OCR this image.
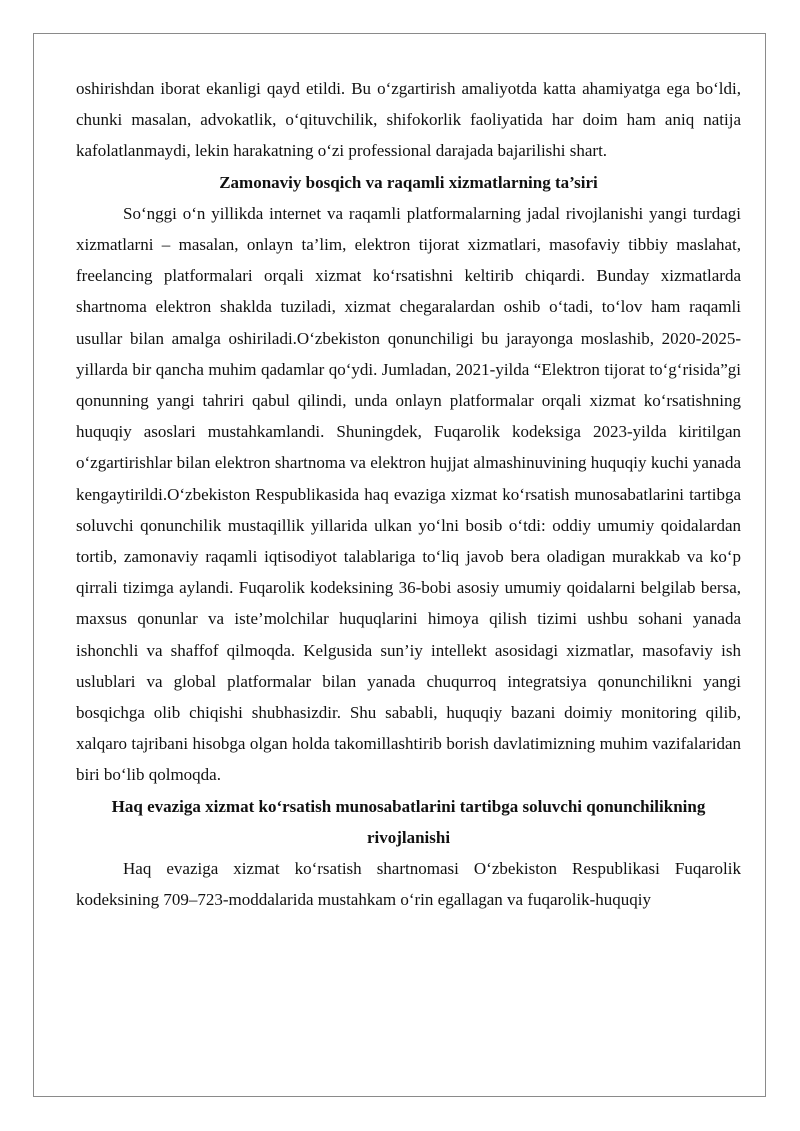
oshirishdan iborat ekanligi qayd etildi. Bu o‘zgartirish amaliyotda katta ahamiyatga ega bo‘ldi, chunki masalan, advokatlik, o‘qituvchilik, shifokorlik faoliyatida har doim ham aniq natija kafolatlanmaydi, lekin harakatning o‘zi professional darajada bajarilishi shart.

Zamonaviy bosqich va raqamli xizmatlarning ta’siri

So‘nggi o‘n yillikda internet va raqamli platformalarning jadal rivojlanishi yangi turdagi xizmatlarni – masalan, onlayn ta’lim, elektron tijorat xizmatlari, masofaviy tibbiy maslahat, freelancing platformalari orqali xizmat ko‘rsatishni keltirib chiqardi. Bunday xizmatlarda shartnoma elektron shaklda tuziladi, xizmat chegaralardan oshib o‘tadi, to‘lov ham raqamli usullar bilan amalga oshiriladi.O‘zbekiston qonunchiligi bu jarayonga moslashib, 2020-2025-yillarda bir qancha muhim qadamlar qo‘ydi. Jumladan, 2021-yilda “Elektron tijorat to‘g‘risida”gi qonunning yangi tahriri qabul qilindi, unda onlayn platformalar orqali xizmat ko‘rsatishning huquqiy asoslari mustahkamlandi. Shuningdek, Fuqarolik kodeksiga 2023-yilda kiritilgan o‘zgartirishlar bilan elektron shartnoma va elektron hujjat almashinuvining huquqiy kuchi yanada kengaytirildi.O‘zbekiston Respublikasida haq evaziga xizmat ko‘rsatish munosabatlarini tartibga soluvchi qonunchilik mustaqillik yillarida ulkan yo‘lni bosib o‘tdi: oddiy umumiy qoidalardan tortib, zamonaviy raqamli iqtisodiyot talablariga to‘liq javob bera oladigan murakkab va ko‘p qirrali tizimga aylandi. Fuqarolik kodeksining 36-bobi asosiy umumiy qoidalarni belgilab bersa, maxsus qonunlar va iste’molchilar huquqlarini himoya qilish tizimi ushbu sohani yanada ishonchli va shaffof qilmoqda. Kelgusida sun’iy intellekt asosidagi xizmatlar, masofaviy ish uslublari va global platformalar bilan yanada chuqurroq integratsiya qonunchilikni yangi bosqichga olib chiqishi shubhasizdir. Shu sababli, huquqiy bazani doimiy monitoring qilib, xalqaro tajribani hisobga olgan holda takomillashtirib borish davlatimizning muhim vazifalaridan biri bo‘lib qolmoqda.

Haq evaziga xizmat ko‘rsatish munosabatlarini tartibga soluvchi qonunchilikning rivojlanishi

Haq evaziga xizmat ko‘rsatish shartnomasi O‘zbekiston Respublikasi Fuqarolik kodeksining 709–723-moddalarida mustahkam o‘rin egallagan va fuqarolik-huquqiy
